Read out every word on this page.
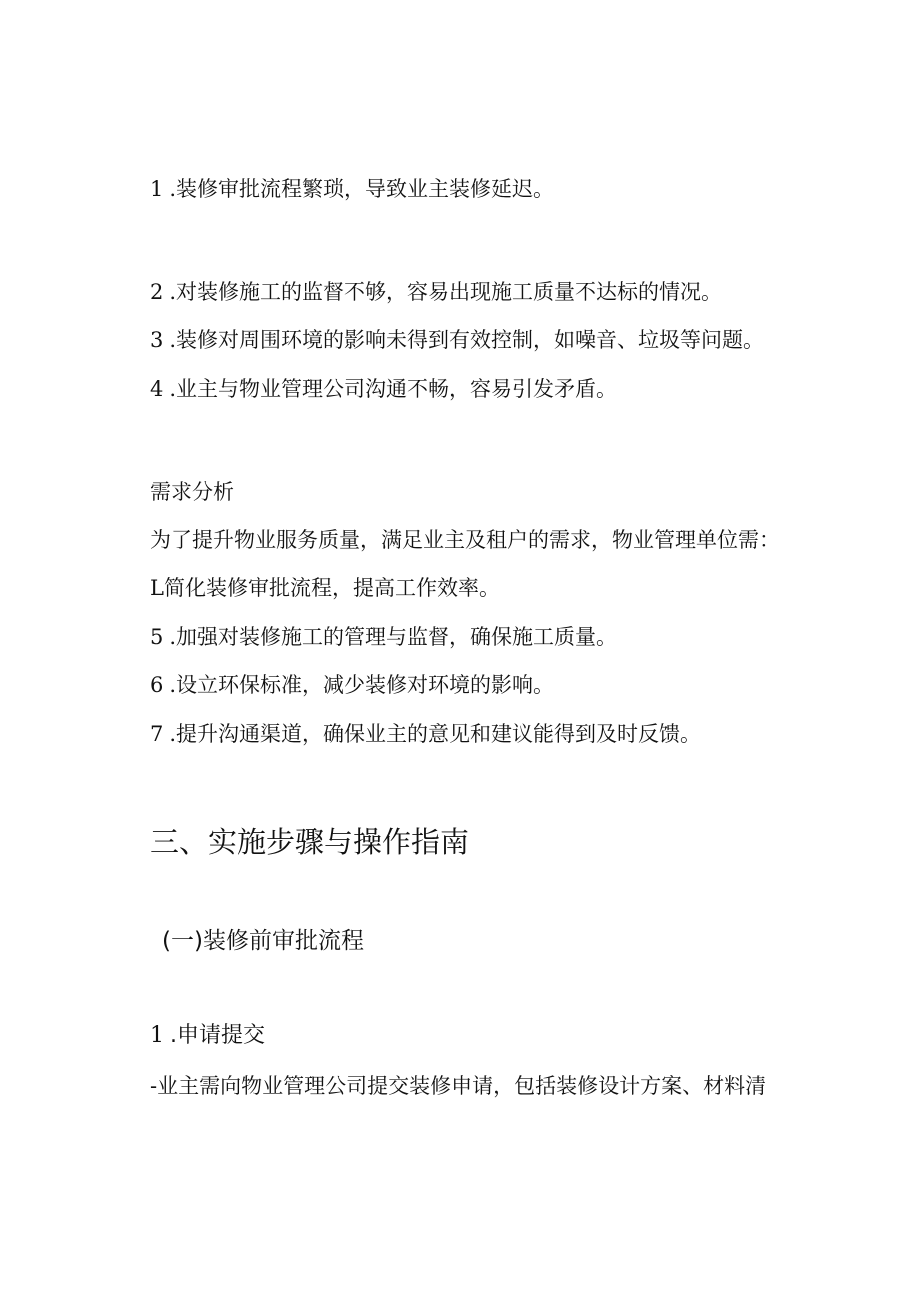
1 .装修审批流程繁琐，导致业主装修延迟。
2 .对装修施工的监督不够，容易出现施工质量不达标的情况。
3 .装修对周围环境的影响未得到有效控制，如噪音、垃圾等问题。
4 .业主与物业管理公司沟通不畅，容易引发矛盾。
需求分析
为了提升物业服务质量，满足业主及租户的需求，物业管理单位需：
L简化装修审批流程，提高工作效率。
5 .加强对装修施工的管理与监督，确保施工质量。
6 .设立环保标准，减少装修对环境的影响。
7 .提升沟通渠道，确保业主的意见和建议能得到及时反馈。
三、实施步骤与操作指南
(一)装修前审批流程
1 .申请提交
-业主需向物业管理公司提交装修申请，包括装修设计方案、材料清
